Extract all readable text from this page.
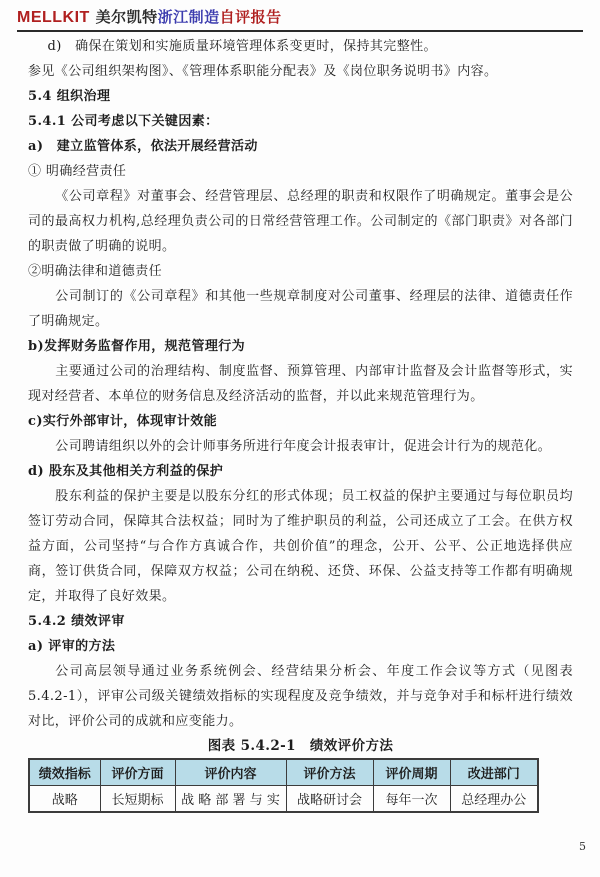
MELLKIT 美尔凯特浙江制造自评报告

d)　确保在策划和实施质量环境管理体系变更时，保持其完整性。

参见《公司组织架构图》、《管理体系职能分配表》及《岗位职务说明书》内容。

5.4 组织治理
5.4.1 公司考虑以下关键因素：
a)　建立监管体系，依法开展经营活动

① 明确经营责任

《公司章程》对董事会、经营管理层、总经理的职责和权限作了明确规定。董事会是公司的最高权力机构,总经理负责公司的日常经营管理工作。公司制定的《部门职责》对各部门的职责做了明确的说明。

②明确法律和道德责任

公司制订的《公司章程》和其他一些规章制度对公司董事、经理层的法律、道德责任作了明确规定。

b)发挥财务监督作用，规范管理行为

主要通过公司的治理结构、制度监督、预算管理、内部审计监督及会计监督等形式，实现对经营者、本单位的财务信息及经济活动的监督，并以此来规范管理行为。

c)实行外部审计，体现审计效能

公司聘请组织以外的会计师事务所进行年度会计报表审计，促进会计行为的规范化。

d) 股东及其他相关方利益的保护

股东利益的保护主要是以股东分红的形式体现；员工权益的保护主要通过与每位职员均签订劳动合同，保障其合法权益；同时为了维护职员的利益，公司还成立了工会。在供方权益方面，公司坚持“与合作方真诚合作，共创价值”的理念，公开、公平、公正地选择供应商，签订供货合同，保障双方权益；公司在纳税、还贷、环保、公益支持等工作都有明确规定，并取得了良好效果。

5.4.2 绩效评审
a) 评审的方法

公司高层领导通过业务系统例会、经营结果分析会、年度工作会议等方式（见图表 5.4.2-1），评审公司级关键绩效指标的实现程度及竞争绩效，并与竞争对手和标杆进行绩效对比，评价公司的成就和应变能力。

图表 5.4.2-1　绩效评价方法
绩效指标	评价方面	评价内容	评价方法	评价周期	改进部门
战略	长短期标	战 略 部 署 与 实	战略研讨会	每年一次	总经理办公
5
